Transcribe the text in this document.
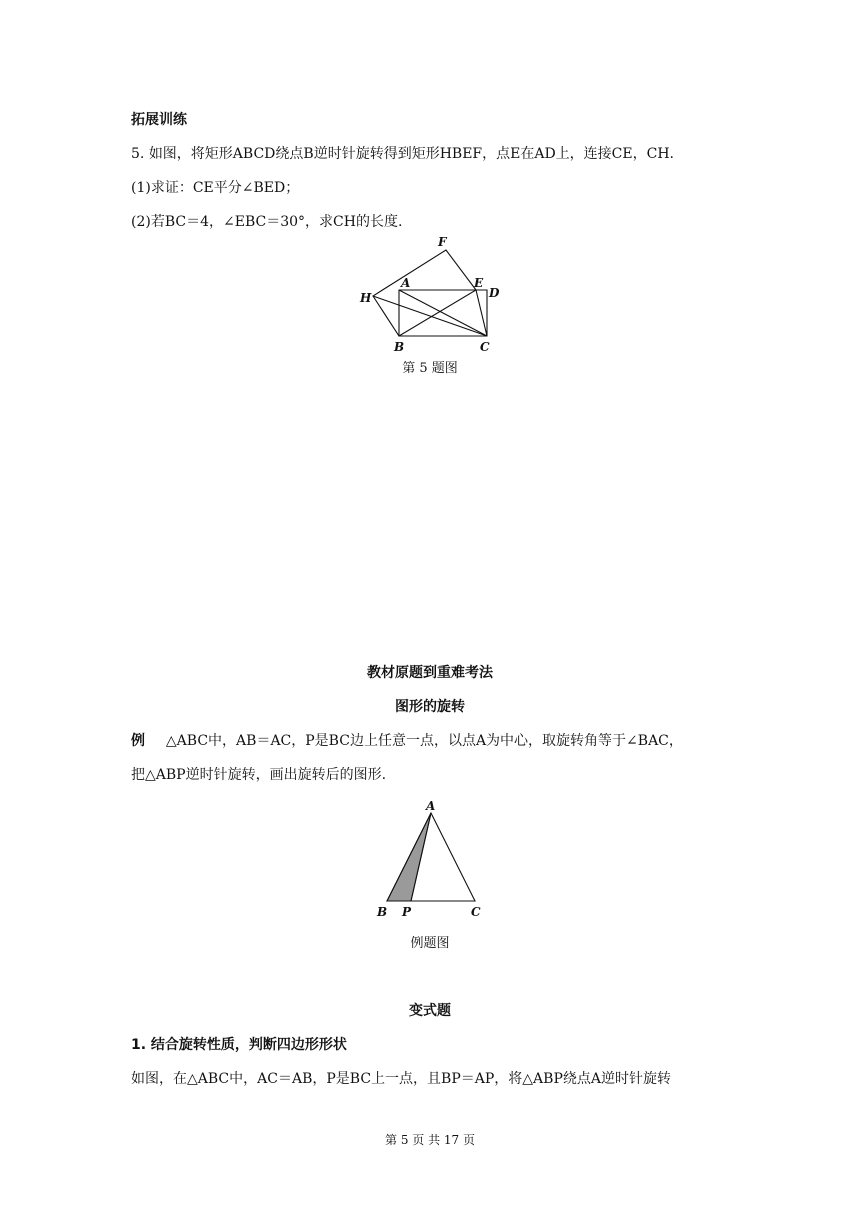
拓展训练
5. 如图，将矩形ABCD绕点B逆时针旋转得到矩形HBEF，点E在AD上，连接CE，CH.
(1)求证：CE平分∠BED；
(2)若BC＝4，∠EBC＝30°，求CH的长度.
F
A	E
D
H
B	C
第 5 题图
教材原题到重难考法
图形的旋转
例 △ABC中，AB＝AC，P是BC边上任意一点，以点A为中心，取旋转角等于∠BAC，
把△ABP逆时针旋转，画出旋转后的图形.
A
B P	C
例题图
变式题
1. 结合旋转性质，判断四边形形状
如图，在△ABC中，AC＝AB，P是BC上一点，且BP＝AP，将△ABP绕点A逆时针旋转
第 5 页 共 17 页
